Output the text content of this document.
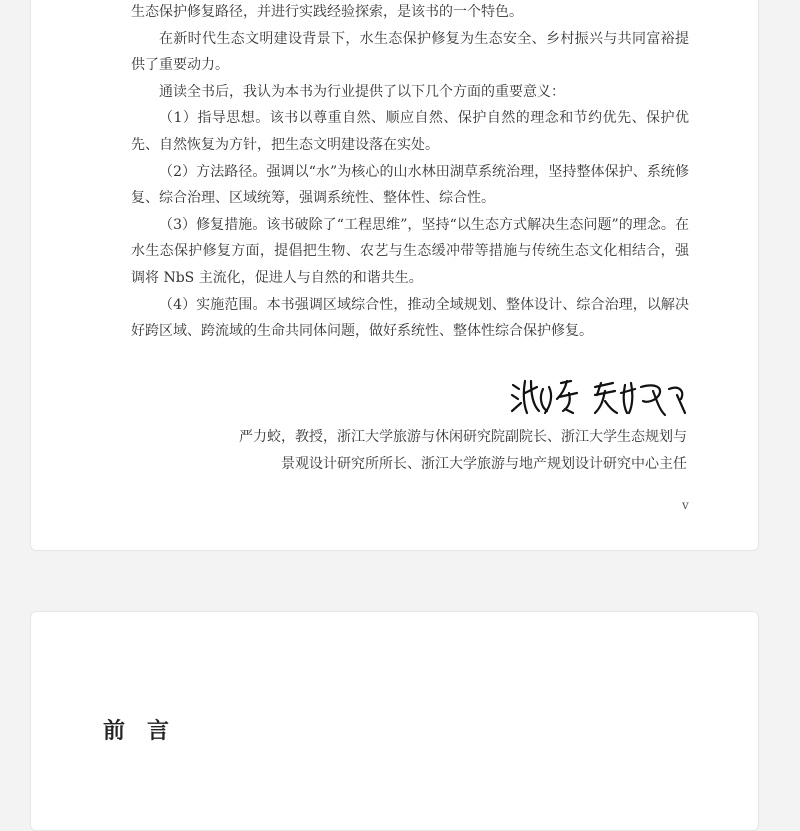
生态保护修复路径，并进行实践经验探索，是该书的一个特色。

在新时代生态文明建设背景下，水生态保护修复为生态安全、乡村振兴与共同富裕提供了重要动力。

通读全书后，我认为本书为行业提供了以下几个方面的重要意义：

（1）指导思想。该书以尊重自然、顺应自然、保护自然的理念和节约优先、保护优先、自然恢复为方针，把生态文明建设落在实处。

（2）方法路径。强调以“水”为核心的山水林田湖草系统治理，坚持整体保护、系统修复、综合治理、区域统筹，强调系统性、整体性、综合性。

（3）修复措施。该书破除了“工程思维”，坚持“以生态方式解决生态问题”的理念。在水生态保护修复方面，提倡把生物、农艺与生态缓冲带等措施与传统生态文化相结合，强调将 NbS 主流化，促进人与自然的和谐共生。

（4）实施范围。本书强调区域综合性，推动全域规划、整体设计、综合治理，以解决好跨区域、跨流域的生命共同体问题，做好系统性、整体性综合保护修复。

严力蛟，教授，浙江大学旅游与休闲研究院副院长、浙江大学生态规划与
景观设计研究所所长、浙江大学旅游与地产规划设计研究中心主任
v
前言
